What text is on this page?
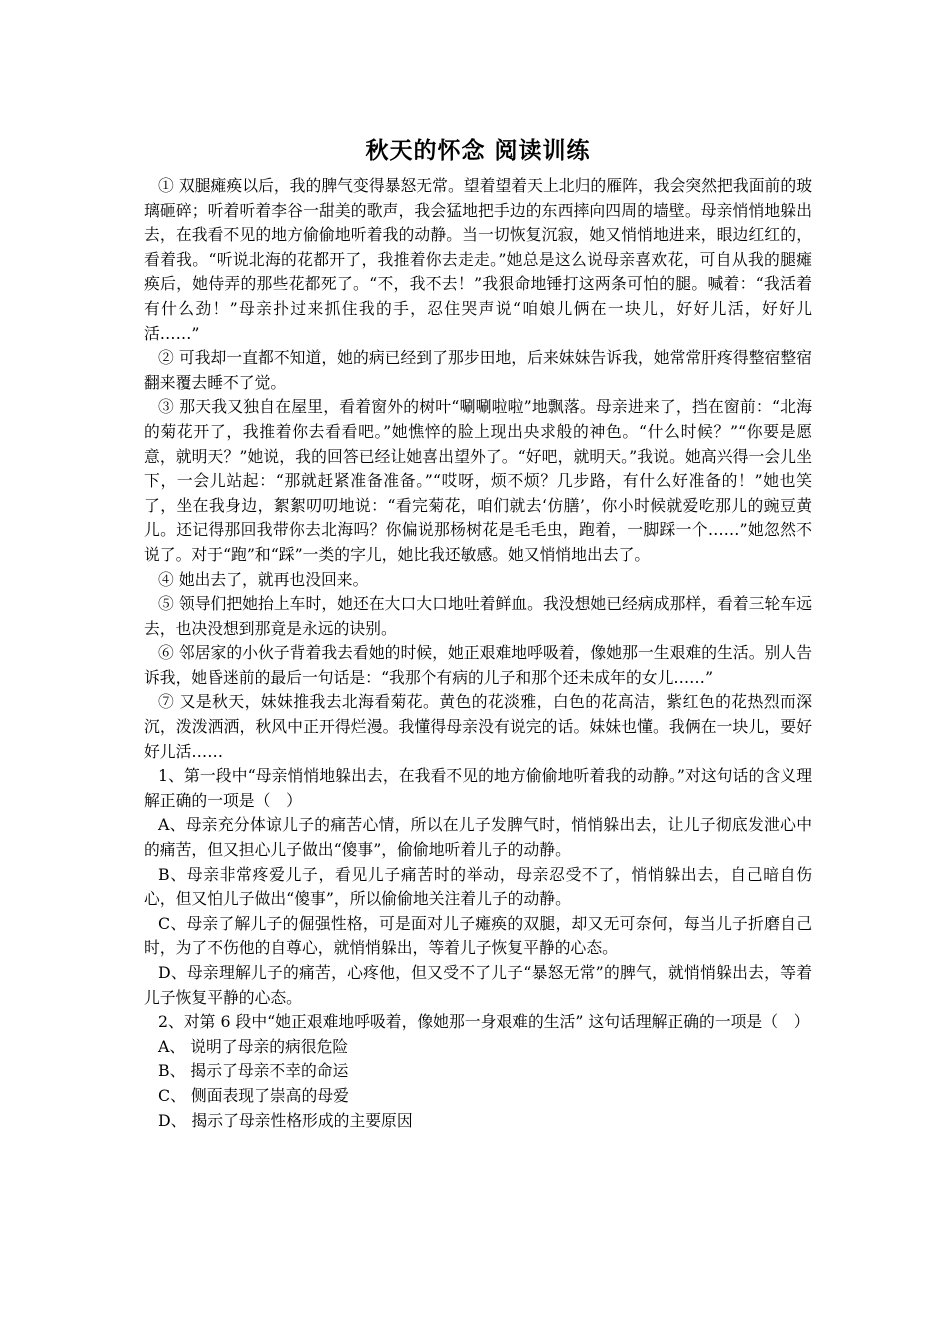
秋天的怀念 阅读训练

① 双腿瘫痪以后，我的脾气变得暴怒无常。望着望着天上北归的雁阵，我会突然把我面前的玻璃砸碎；听着听着李谷一甜美的歌声，我会猛地把手边的东西摔向四周的墙壁。母亲悄悄地躲出去，在我看不见的地方偷偷地听着我的动静。当一切恢复沉寂，她又悄悄地进来，眼边红红的，看着我。“听说北海的花都开了，我推着你去走走。”她总是这么说母亲喜欢花，可自从我的腿瘫痪后，她侍弄的那些花都死了。“不，我不去！”我狠命地锤打这两条可怕的腿。喊着：“我活着有什么劲！”母亲扑过来抓住我的手，忍住哭声说“咱娘儿俩在一块儿，好好儿活，好好儿活……”

② 可我却一直都不知道，她的病已经到了那步田地，后来妹妹告诉我，她常常肝疼得整宿整宿翻来覆去睡不了觉。

③ 那天我又独自在屋里，看着窗外的树叶“唰唰啦啦”地飘落。母亲进来了，挡在窗前：“北海的菊花开了，我推着你去看看吧。”她憔悴的脸上现出央求般的神色。“什么时候？”“你要是愿意，就明天？”她说，我的回答已经让她喜出望外了。“好吧，就明天。”我说。她高兴得一会儿坐下，一会儿站起：“那就赶紧准备准备。”“哎呀，烦不烦？几步路，有什么好准备的！”她也笑了，坐在我身边，絮絮叨叨地说：“看完菊花，咱们就去‘仿膳’，你小时候就爱吃那儿的豌豆黄儿。还记得那回我带你去北海吗？你偏说那杨树花是毛毛虫，跑着，一脚踩一个……”她忽然不说了。对于“跑”和“踩”一类的字儿，她比我还敏感。她又悄悄地出去了。

④ 她出去了，就再也没回来。

⑤ 领导们把她抬上车时，她还在大口大口地吐着鲜血。我没想她已经病成那样，看着三轮车远去，也决没想到那竟是永远的诀别。

⑥ 邻居家的小伙子背着我去看她的时候，她正艰难地呼吸着，像她那一生艰难的生活。别人告诉我，她昏迷前的最后一句话是：“我那个有病的儿子和那个还未成年的女儿……”

⑦ 又是秋天，妹妹推我去北海看菊花。黄色的花淡雅，白色的花高洁，紫红色的花热烈而深沉，泼泼洒洒，秋风中正开得烂漫。我懂得母亲没有说完的话。妹妹也懂。我俩在一块儿，要好好儿活……

1、第一段中“母亲悄悄地躲出去，在我看不见的地方偷偷地听着我的动静。”对这句话的含义理解正确的一项是（　）

A、母亲充分体谅儿子的痛苦心情，所以在儿子发脾气时，悄悄躲出去，让儿子彻底发泄心中的痛苦，但又担心儿子做出“傻事”，偷偷地听着儿子的动静。

B、母亲非常疼爱儿子，看见儿子痛苦时的举动，母亲忍受不了，悄悄躲出去，自己暗自伤心，但又怕儿子做出“傻事”，所以偷偷地关注着儿子的动静。

C、母亲了解儿子的倔强性格，可是面对儿子瘫痪的双腿，却又无可奈何，每当儿子折磨自己时，为了不伤他的自尊心，就悄悄躲出，等着儿子恢复平静的心态。

D、母亲理解儿子的痛苦，心疼他，但又受不了儿子“暴怒无常”的脾气，就悄悄躲出去，等着儿子恢复平静的心态。

2、对第 6 段中“她正艰难地呼吸着，像她那一身艰难的生活” 这句话理解正确的一项是（　）

A、 说明了母亲的病很危险

B、 揭示了母亲不幸的命运

C、 侧面表现了崇高的母爱

D、 揭示了母亲性格形成的主要原因
